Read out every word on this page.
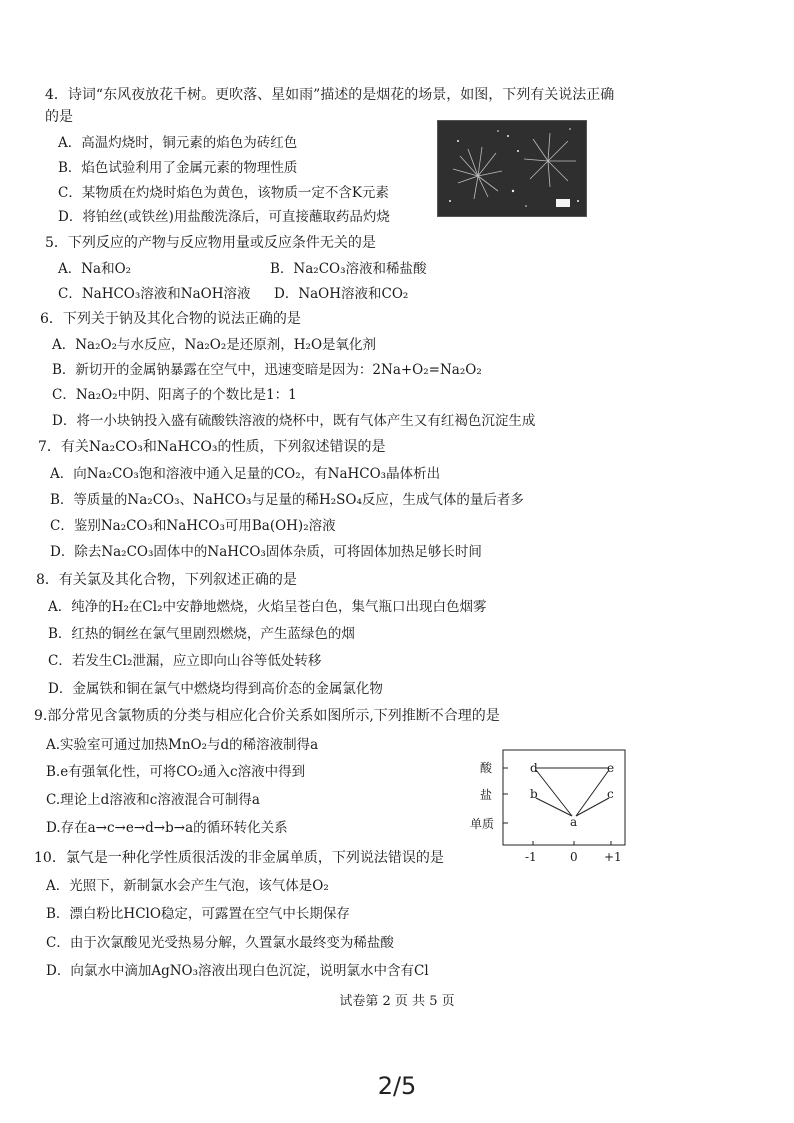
4．诗词“东风夜放花千树。更吹落、星如雨”描述的是烟花的场景，如图，下列有关说法正确
的是
A．高温灼烧时，铜元素的焰色为砖红色
B．焰色试验利用了金属元素的物理性质
C．某物质在灼烧时焰色为黄色，该物质一定不含K元素
D．将铂丝(或铁丝)用盐酸洗涤后，可直接蘸取药品灼烧
5．下列反应的产物与反应物用量或反应条件无关的是
A．Na和O₂	B．Na₂CO₃溶液和稀盐酸
C．NaHCO₃溶液和NaOH溶液 D．NaOH溶液和CO₂
6．下列关于钠及其化合物的说法正确的是
A．Na₂O₂与水反应，Na₂O₂是还原剂，H₂O是氧化剂
B．新切开的金属钠暴露在空气中，迅速变暗是因为：2Na+O₂=Na₂O₂
C．Na₂O₂中阴、阳离子的个数比是1：1
D．将一小块钠投入盛有硫酸铁溶液的烧杯中，既有气体产生又有红褐色沉淀生成
7．有关Na₂CO₃和NaHCO₃的性质，下列叙述错误的是
A．向Na₂CO₃饱和溶液中通入足量的CO₂，有NaHCO₃晶体析出
B．等质量的Na₂CO₃、NaHCO₃与足量的稀H₂SO₄反应，生成气体的量后者多
C．鉴别Na₂CO₃和NaHCO₃可用Ba(OH)₂溶液
D．除去Na₂CO₃固体中的NaHCO₃固体杂质，可将固体加热足够长时间
8．有关氯及其化合物，下列叙述正确的是
A．纯净的H₂在Cl₂中安静地燃烧，火焰呈苍白色，集气瓶口出现白色烟雾
B．红热的铜丝在氯气里剧烈燃烧，产生蓝绿色的烟
C．若发生Cl₂泄漏，应立即向山谷等低处转移
D．金属铁和铜在氯气中燃烧均得到高价态的金属氯化物
9.部分常见含氯物质的分类与相应化合价关系如图所示,下列推断不合理的是
A.实验室可通过加热MnO₂与d的稀溶液制得a
B.e有强氧化性，可将CO₂通入c溶液中得到
C.理论上d溶液和c溶液混合可制得a
D.存在a→c→e→d→b→a的循环转化关系
酸
盐
单质
-1	0 +1
d
b
a
e
c
10．氯气是一种化学性质很活泼的非金属单质，下列说法错误的是
A．光照下，新制氯水会产生气泡，该气体是O₂
B．漂白粉比HClO稳定，可露置在空气中长期保存
C．由于次氯酸见光受热易分解，久置氯水最终变为稀盐酸
D．向氯水中滴加AgNO₃溶液出现白色沉淀，说明氯水中含有Cl
试卷第 2 页 共 5 页
2/5
